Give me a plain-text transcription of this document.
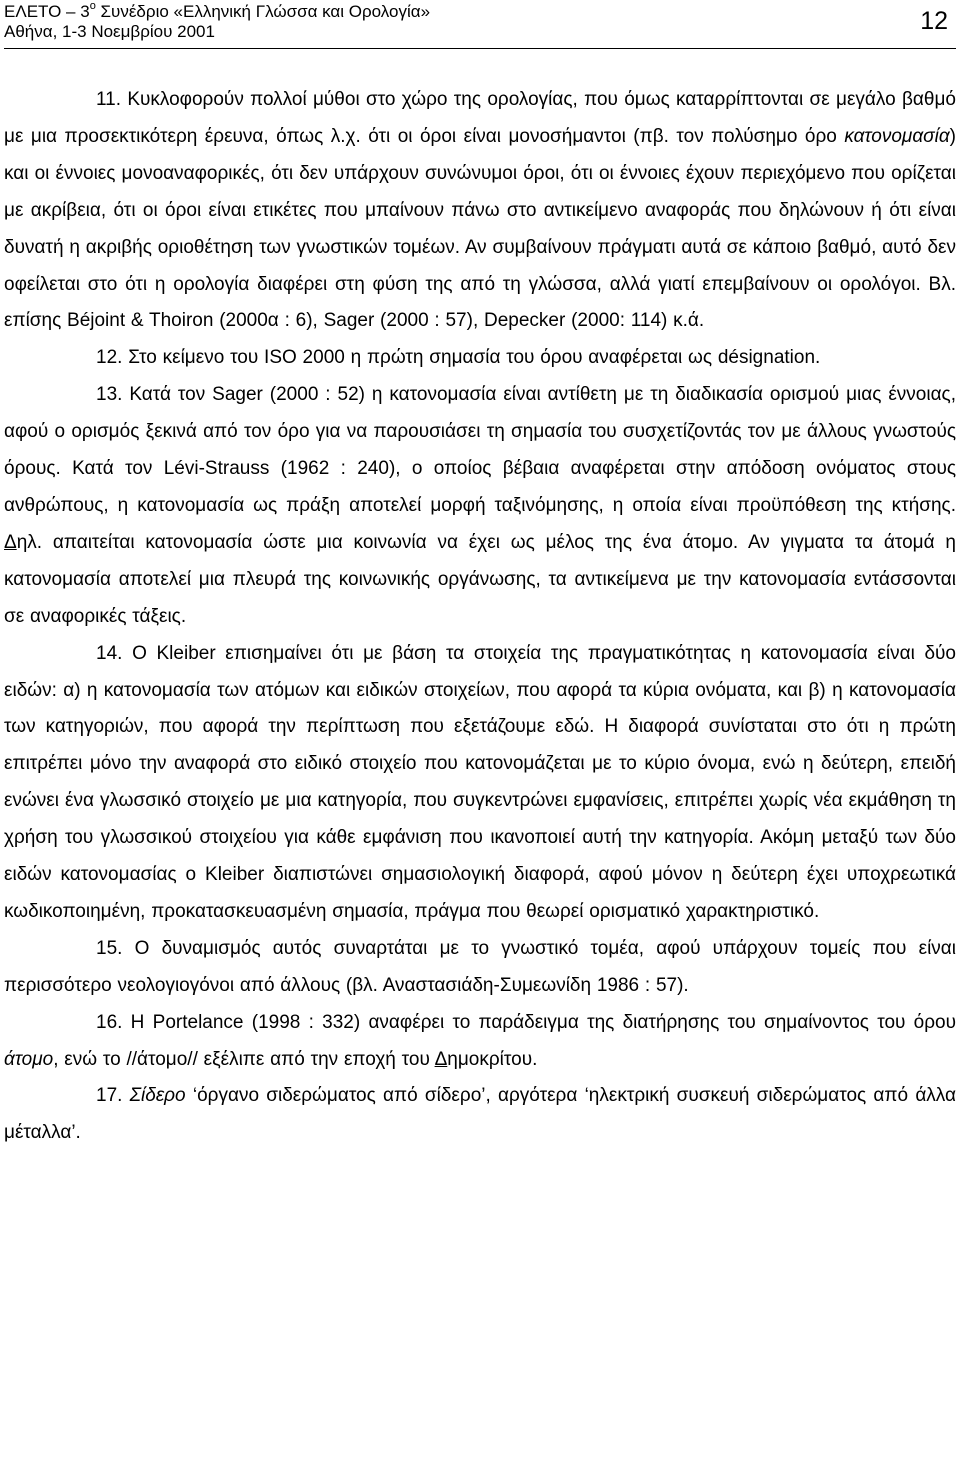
ΕΛΕΤΟ – $3^o$ Συνέδριο «Ελληνική Γλώσσα και Ορολογία»
Αθήνα, 1-3 Νοεμβρίου 2001	12

11. Κυκλοφορούν πολλοί μύθοι στο χώρο της ορολογίας, που όμως καταρρίπτονται σε μεγάλο βαθμό με μια προσεκτικότερη έρευνα, όπως λ.χ. ότι οι όροι είναι μονοσήμαντοι (πβ. τον πολύσημο όρο κατονομασία) και οι έννοιες μονοαναφορικές, ότι δεν υπάρχουν συνώνυμοι όροι, ότι οι έννοιες έχουν περιεχόμενο που ορίζεται με ακρίβεια, ότι οι όροι είναι ετικέτες που μπαίνουν πάνω στο αντικείμενο αναφοράς που δηλώνουν ή ότι είναι δυνατή η ακριβής οριοθέτηση των γνωστικών τομέων. Αν συμβαίνουν πράγματι αυτά σε κάποιο βαθμό, αυτό δεν οφείλεται στο ότι η ορολογία διαφέρει στη φύση της από τη γλώσσα, αλλά γιατί επεμβαίνουν οι ορολόγοι. Βλ. επίσης Béjoint & Thoiron (2000α : 6), Sager (2000 : 57), Depecker (2000: 114) κ.ά.

12. Στο κείμενο του ISO 2000 η πρώτη σημασία του όρου αναφέρεται ως désignation.

13. Κατά τον Sager (2000 : 52) η κατονομασία είναι αντίθετη με τη διαδικασία ορισμού μιας έννοιας, αφού ο ορισμός ξεκινά από τον όρο για να παρουσιάσει τη σημασία του συσχετίζοντάς τον με άλλους γνωστούς όρους. Κατά τον Lévi-Strauss (1962 : 240), ο οποίος βέβαια αναφέρεται στην απόδοση ονόματος στους ανθρώπους, η κατονομασία ως πράξη αποτελεί μορφή ταξινόμησης, η οποία είναι προϋπόθεση της κτήσης. Δηλ. απαιτείται κατονομασία ώστε μια κοινωνία να έχει ως μέλος της ένα άτομο. Αν γιγματα τα άτομά η κατονομασία αποτελεί μια πλευρά της κοινωνικής οργάνωσης, τα αντικείμενα με την κατονομασία εντάσσονται σε αναφορικές τάξεις.

14. Ο Kleiber επισημαίνει ότι με βάση τα στοιχεία της πραγματικότητας η κατονομασία είναι δύο ειδών: α) η κατονομασία των ατόμων και ειδικών στοιχείων, που αφορά τα κύρια ονόματα, και β) η κατονομασία των κατηγοριών, που αφορά την περίπτωση που εξετάζουμε εδώ. Η διαφορά συνίσταται στο ότι η πρώτη επιτρέπει μόνο την αναφορά στο ειδικό στοιχείο που κατονομάζεται με το κύριο όνομα, ενώ η δεύτερη, επειδή ενώνει ένα γλωσσικό στοιχείο με μια κατηγορία, που συγκεντρώνει εμφανίσεις, επιτρέπει χωρίς νέα εκμάθηση τη χρήση του γλωσσικού στοιχείου για κάθε εμφάνιση που ικανοποιεί αυτή την κατηγορία. Ακόμη μεταξύ των δύο ειδών κατονομασίας ο Kleiber διαπιστώνει σημασιολογική διαφορά, αφού μόνον η δεύτερη έχει υποχρεωτικά κωδικοποιημένη, προκατασκευασμένη σημασία, πράγμα που θεωρεί ορισματικό χαρακτηριστικό.

15. Ο δυναμισμός αυτός συναρτάται με το γνωστικό τομέα, αφού υπάρχουν τομείς που είναι περισσότερο νεολογιογόνοι από άλλους (βλ. Αναστασιάδη-Συμεωνίδη 1986 : 57).

16. Η Portelance (1998 : 332) αναφέρει το παράδειγμα της διατήρησης του σημαίνοντος του όρου άτομο, ενώ το //άτομο// εξέλιπε από την εποχή του Δημοκρίτου.

17. Σίδερο ‘όργανο σιδερώματος από σίδερο’, αργότερα ‘ηλεκτρική συσκευή σιδερώματος από άλλα μέταλλα’.
